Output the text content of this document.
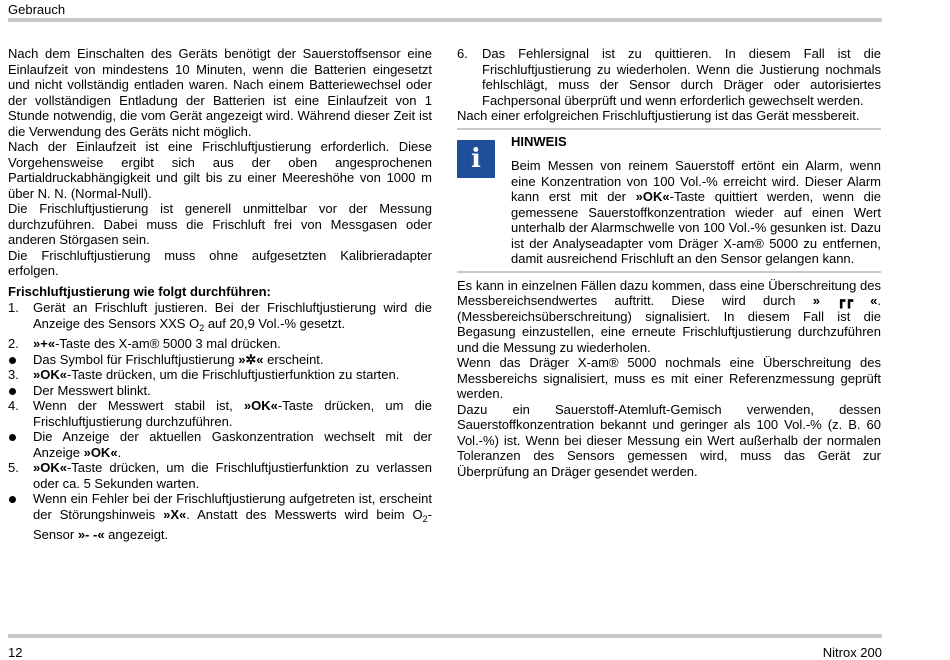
Gebrauch

Nach dem Einschalten des Geräts benötigt der Sauerstoffsensor eine Einlaufzeit von mindestens 10 Minuten, wenn die Batterien eingesetzt und nicht vollständig entladen waren. Nach einem Batteriewechsel oder der vollständigen Entladung der Batterien ist eine Einlaufzeit von 1 Stunde notwendig, die vom Gerät angezeigt wird. Während dieser Zeit ist die Verwendung des Geräts nicht möglich.

Nach der Einlaufzeit ist eine Frischluftjustierung erforderlich. Diese Vorgehensweise ergibt sich aus der oben angesprochenen Partialdruckabhängigkeit und gilt bis zu einer Meereshöhe von 1000 m über N. N. (Normal-Null).

Die Frischluftjustierung ist generell unmittelbar vor der Messung durchzuführen. Dabei muss die Frischluft frei von Messgasen oder anderen Störgasen sein.

Die Frischluftjustierung muss ohne aufgesetzten Kalibrieradapter erfolgen.

Frischluftjustierung wie folgt durchführen:

1.	Gerät an Frischluft justieren. Bei der Frischluftjustierung wird die Anzeige des Sensors XXS $O_2$ auf 20,9 Vol.-% gesetzt.
2.	»+«-Taste des X-am® 5000 3 mal drücken.
Das Symbol für Frischluftjustierung »✲« erscheint.
3.	»OK«-Taste drücken, um die Frischluftjustierfunktion zu starten.
Der Messwert blinkt.
4.	Wenn der Messwert stabil ist, »OK«-Taste drücken, um die Frischluftjustierung durchzuführen.
Die Anzeige der aktuellen Gaskonzentration wechselt mit der Anzeige »OK«.
5.	»OK«-Taste drücken, um die Frischluftjustierfunktion zu verlassen oder ca. 5 Sekunden warten.
Wenn ein Fehler bei der Frischluftjustierung aufgetreten ist, erscheint der Störungshinweis »X«. Anstatt des Messwerts wird beim $O_2$-Sensor »- -« angezeigt.
6.	Das Fehlersignal ist zu quittieren. In diesem Fall ist die Frischluftjustierung zu wiederholen. Wenn die Justierung nochmals fehlschlägt, muss der Sensor durch Dräger oder autorisiertes Fachpersonal überprüft und wenn erforderlich gewechselt werden.

Nach einer erfolgreichen Frischluftjustierung ist das Gerät messbereit.

i
HINWEIS

Beim Messen von reinem Sauerstoff ertönt ein Alarm, wenn eine Konzentration von 100 Vol.-% erreicht wird. Dieser Alarm kann erst mit der »OK«-Taste quittiert werden, wenn die gemessene Sauerstoffkonzentration wieder auf einen Wert unterhalb der Alarmschwelle von 100 Vol.-% gesunken ist. Dazu ist der Analyseadapter vom Dräger X-am® 5000 zu entfernen, damit ausreichend Frischluft an den Sensor gelangen kann.

Es kann in einzelnen Fällen dazu kommen, dass eine Überschreitung des Messbereichsendwertes auftritt. Diese wird durch » ┏┏ «.(Messbereichsüberschreitung) signalisiert. In diesem Fall ist die Begasung einzustellen, eine erneute Frischluftjustierung durchzuführen und die Messung zu wiederholen.

Wenn das Dräger X-am® 5000 nochmals eine Überschreitung des Messbereichs signalisiert, muss es mit einer Referenzmessung geprüft werden.

Dazu ein Sauerstoff-Atemluft-Gemisch verwenden, dessen Sauerstoffkonzentration bekannt und geringer als 100 Vol.-% (z. B. 60 Vol.-%) ist. Wenn bei dieser Messung ein Wert außerhalb der normalen Toleranzen des Sensors gemessen wird, muss das Gerät zur Überprüfung an Dräger gesendet werden.

12	Nitrox 200
